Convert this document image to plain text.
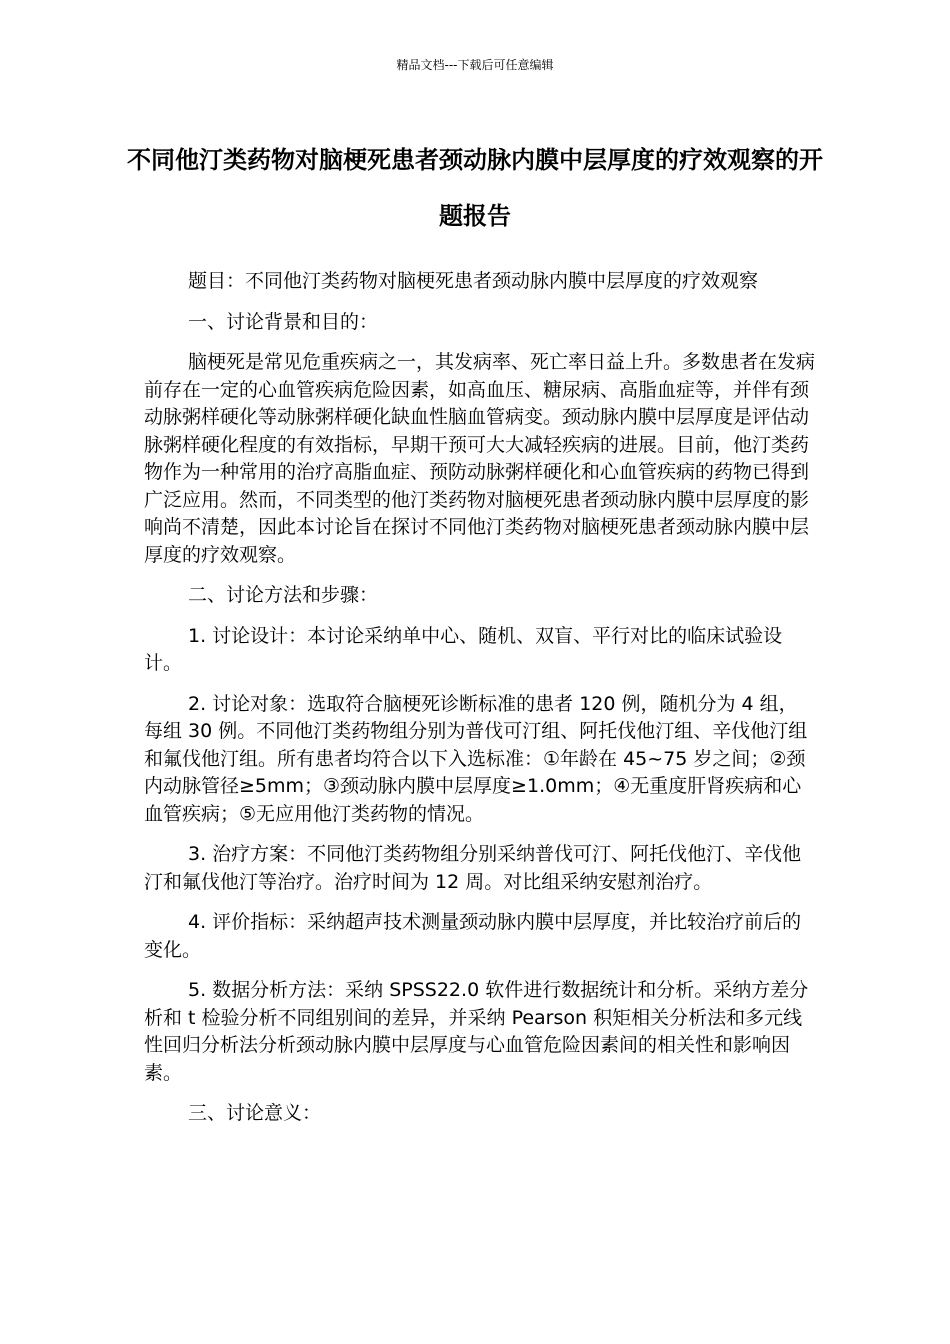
精品文档---下载后可任意编辑
不同他汀类药物对脑梗死患者颈动脉内膜中层厚度的疗效观察的开题报告

题目：不同他汀类药物对脑梗死患者颈动脉内膜中层厚度的疗效观察

一、讨论背景和目的：

脑梗死是常见危重疾病之一，其发病率、死亡率日益上升。多数患者在发病前存在一定的心血管疾病危险因素，如高血压、糖尿病、高脂血症等，并伴有颈动脉粥样硬化等动脉粥样硬化缺血性脑血管病变。颈动脉内膜中层厚度是评估动脉粥样硬化程度的有效指标，早期干预可大大减轻疾病的进展。目前，他汀类药物作为一种常用的治疗高脂血症、预防动脉粥样硬化和心血管疾病的药物已得到广泛应用。然而，不同类型的他汀类药物对脑梗死患者颈动脉内膜中层厚度的影响尚不清楚，因此本讨论旨在探讨不同他汀类药物对脑梗死患者颈动脉内膜中层厚度的疗效观察。

二、讨论方法和步骤：

1. 讨论设计：本讨论采纳单中心、随机、双盲、平行对比的临床试验设计。

2. 讨论对象：选取符合脑梗死诊断标准的患者 120 例，随机分为 4 组，每组 30 例。不同他汀类药物组分别为普伐可汀组、阿托伐他汀组、辛伐他汀组和氟伐他汀组。所有患者均符合以下入选标准：①年龄在 45~75 岁之间；②颈内动脉管径≥5mm；③颈动脉内膜中层厚度≥1.0mm；④无重度肝肾疾病和心血管疾病；⑤无应用他汀类药物的情况。

3. 治疗方案：不同他汀类药物组分别采纳普伐可汀、阿托伐他汀、辛伐他汀和氟伐他汀等治疗。治疗时间为 12 周。对比组采纳安慰剂治疗。

4. 评价指标：采纳超声技术测量颈动脉内膜中层厚度，并比较治疗前后的变化。

5. 数据分析方法：采纳 SPSS22.0 软件进行数据统计和分析。采纳方差分析和 t 检验分析不同组别间的差异，并采纳 Pearson 积矩相关分析法和多元线性回归分析法分析颈动脉内膜中层厚度与心血管危险因素间的相关性和影响因素。

三、讨论意义：
